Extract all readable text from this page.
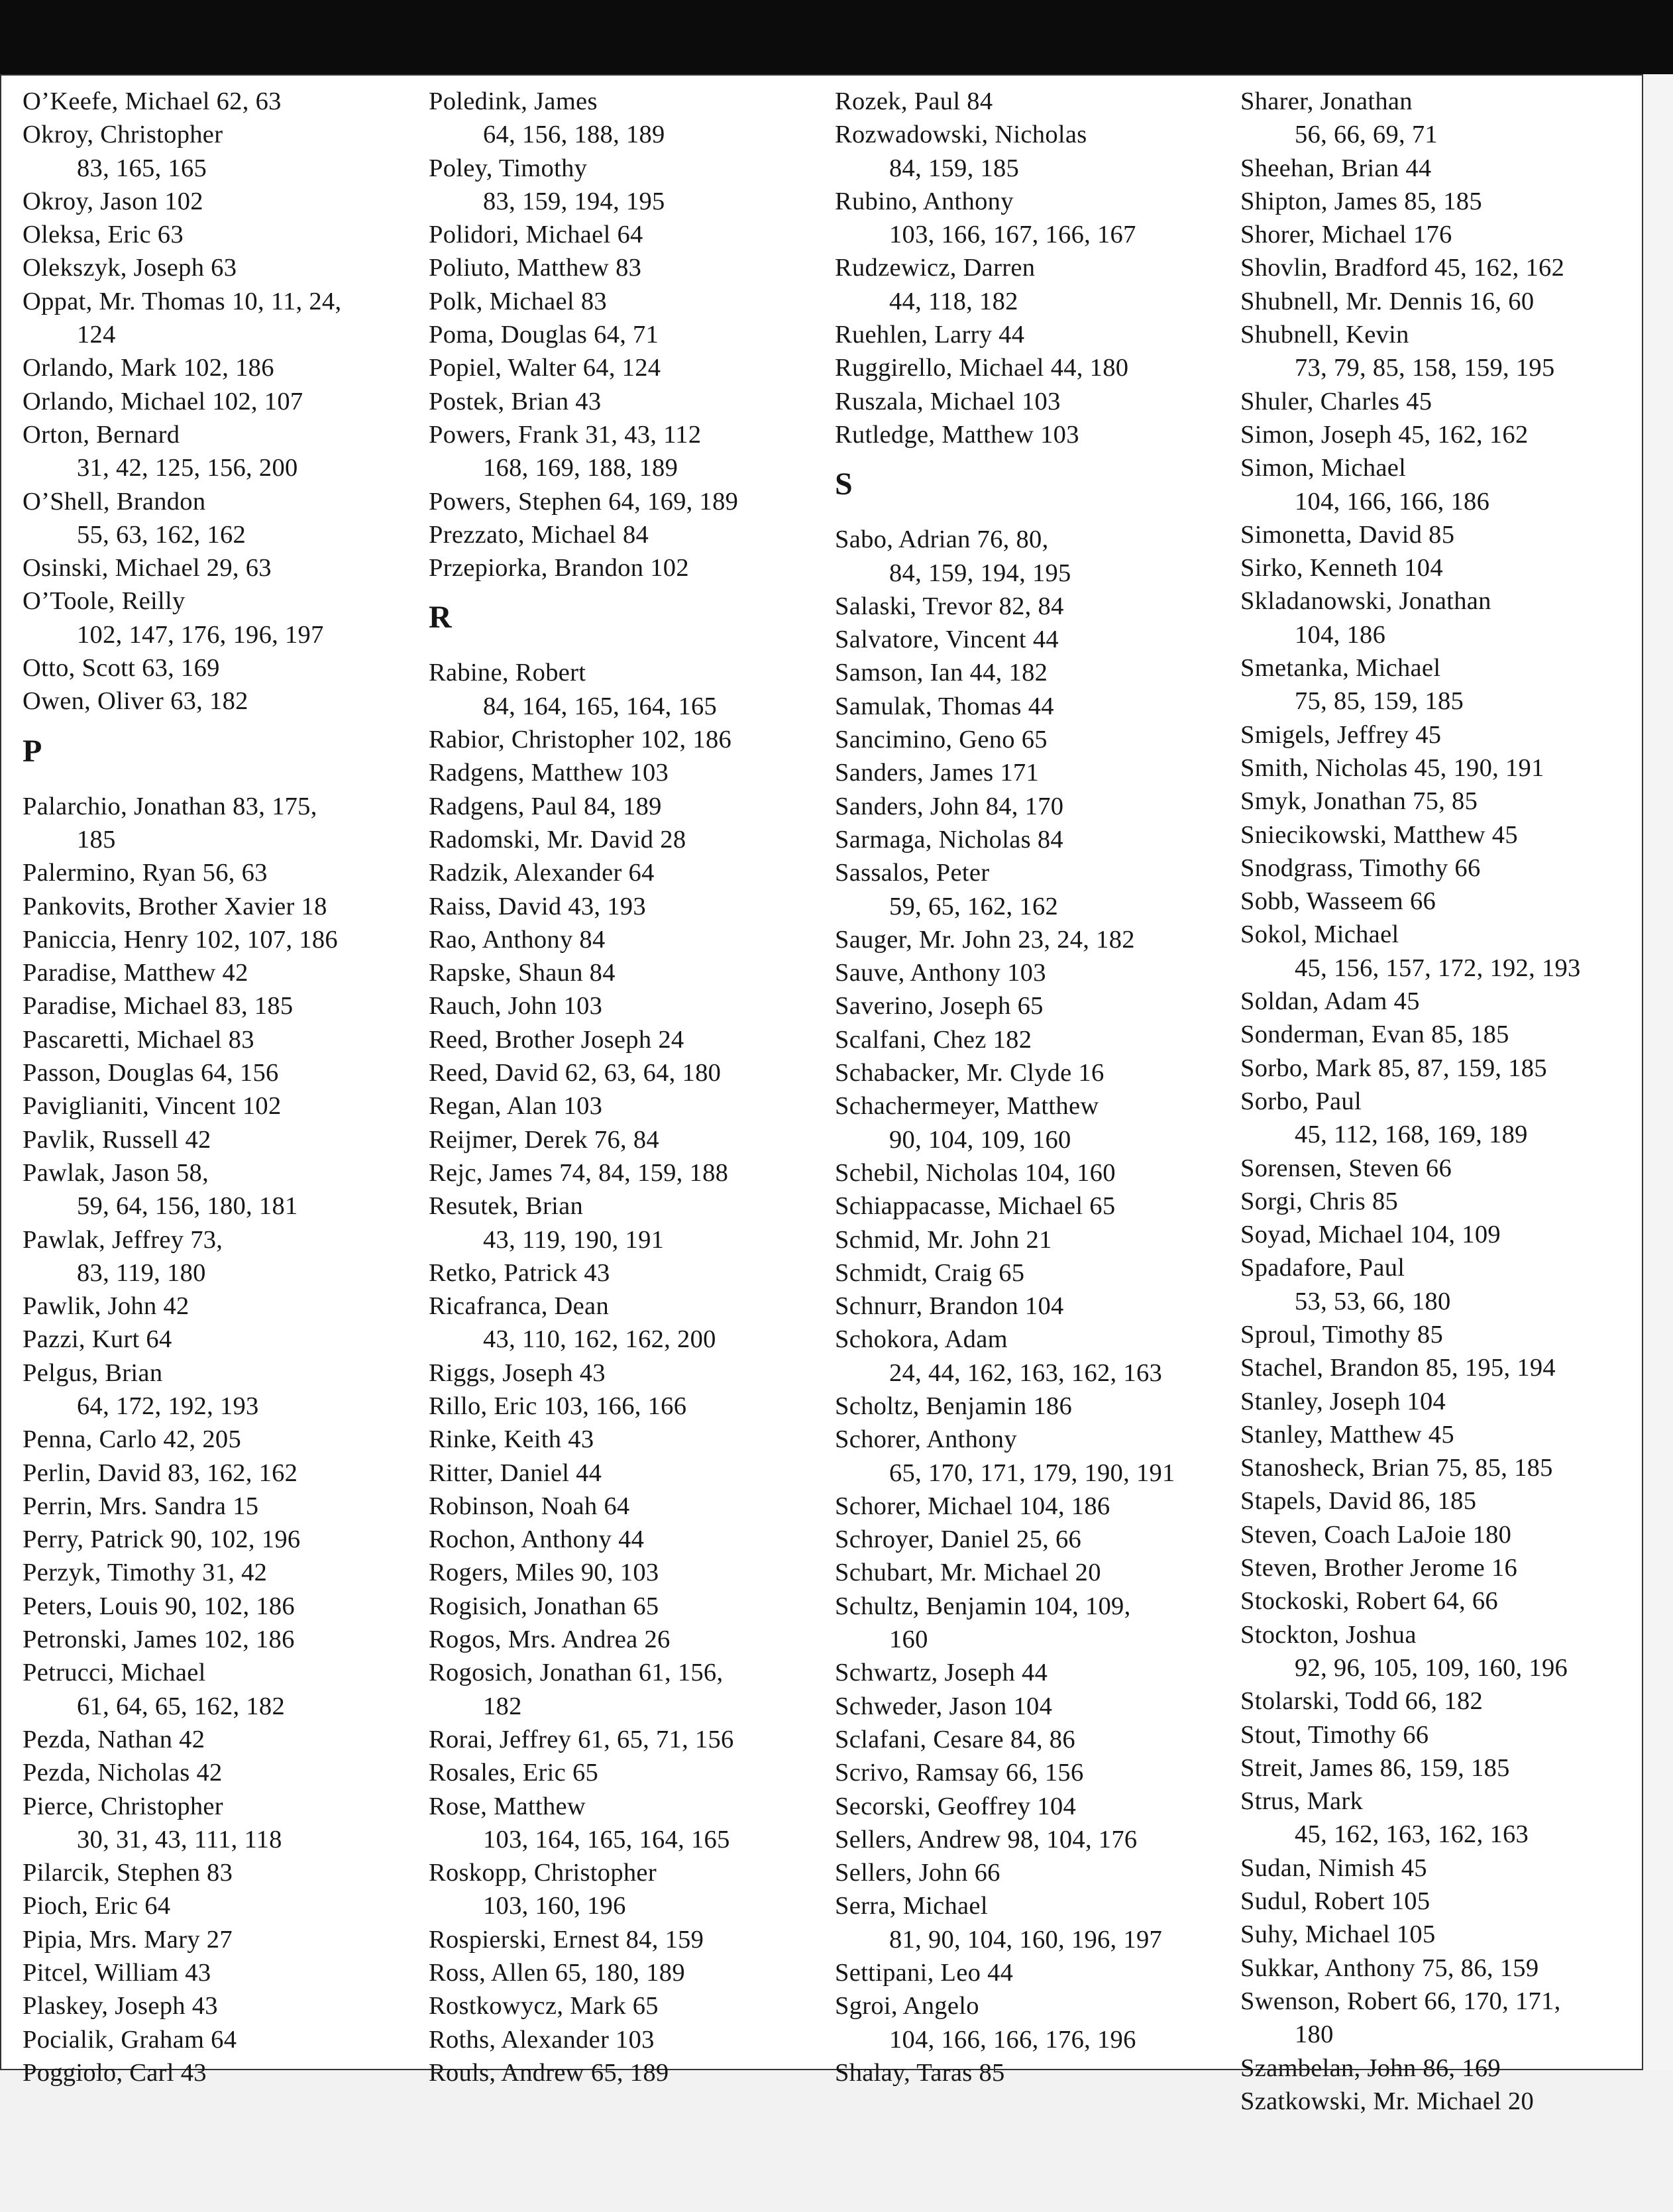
O’Keefe, Michael 62, 63
Okroy, Christopher
83, 165, 165
Okroy, Jason 102
Oleksa, Eric 63
Olekszyk, Joseph 63
Oppat, Mr. Thomas 10, 11, 24,
124
Orlando, Mark 102, 186
Orlando, Michael 102, 107
Orton, Bernard
31, 42, 125, 156, 200
O’Shell, Brandon
55, 63, 162, 162
Osinski, Michael 29, 63
O’Toole, Reilly
102, 147, 176, 196, 197
Otto, Scott 63, 169
Owen, Oliver 63, 182
P
Palarchio, Jonathan 83, 175,
185
Palermino, Ryan 56, 63
Pankovits, Brother Xavier 18
Paniccia, Henry 102, 107, 186
Paradise, Matthew 42
Paradise, Michael 83, 185
Pascaretti, Michael 83
Passon, Douglas 64, 156
Paviglianiti, Vincent 102
Pavlik, Russell 42
Pawlak, Jason 58,
59, 64, 156, 180, 181
Pawlak, Jeffrey 73,
83, 119, 180
Pawlik, John 42
Pazzi, Kurt 64
Pelgus, Brian
64, 172, 192, 193
Penna, Carlo 42, 205
Perlin, David 83, 162, 162
Perrin, Mrs. Sandra 15
Perry, Patrick 90, 102, 196
Perzyk, Timothy 31, 42
Peters, Louis 90, 102, 186
Petronski, James 102, 186
Petrucci, Michael
61, 64, 65, 162, 182
Pezda, Nathan 42
Pezda, Nicholas 42
Pierce, Christopher
30, 31, 43, 111, 118
Pilarcik, Stephen 83
Pioch, Eric 64
Pipia, Mrs. Mary 27
Pitcel, William 43
Plaskey, Joseph 43
Pocialik, Graham 64
Poggiolo, Carl 43
Poledink, James
64, 156, 188, 189
Poley, Timothy
83, 159, 194, 195
Polidori, Michael 64
Poliuto, Matthew 83
Polk, Michael 83
Poma, Douglas 64, 71
Popiel, Walter 64, 124
Postek, Brian 43
Powers, Frank 31, 43, 112
168, 169, 188, 189
Powers, Stephen 64, 169, 189
Prezzato, Michael 84
Przepiorka, Brandon 102
R
Rabine, Robert
84, 164, 165, 164, 165
Rabior, Christopher 102, 186
Radgens, Matthew 103
Radgens, Paul 84, 189
Radomski, Mr. David 28
Radzik, Alexander 64
Raiss, David 43, 193
Rao, Anthony 84
Rapske, Shaun 84
Rauch, John 103
Reed, Brother Joseph 24
Reed, David 62, 63, 64, 180
Regan, Alan 103
Reijmer, Derek 76, 84
Rejc, James 74, 84, 159, 188
Resutek, Brian
43, 119, 190, 191
Retko, Patrick 43
Ricafranca, Dean
43, 110, 162, 162, 200
Riggs, Joseph 43
Rillo, Eric 103, 166, 166
Rinke, Keith 43
Ritter, Daniel 44
Robinson, Noah 64
Rochon, Anthony 44
Rogers, Miles 90, 103
Rogisich, Jonathan 65
Rogos, Mrs. Andrea 26
Rogosich, Jonathan 61, 156,
182
Rorai, Jeffrey 61, 65, 71, 156
Rosales, Eric 65
Rose, Matthew
103, 164, 165, 164, 165
Roskopp, Christopher
103, 160, 196
Rospierski, Ernest 84, 159
Ross, Allen 65, 180, 189
Rostkowycz, Mark 65
Roths, Alexander 103
Rouls, Andrew 65, 189
Rozek, Paul 84
Rozwadowski, Nicholas
84, 159, 185
Rubino, Anthony
103, 166, 167, 166, 167
Rudzewicz, Darren
44, 118, 182
Ruehlen, Larry 44
Ruggirello, Michael 44, 180
Ruszala, Michael 103
Rutledge, Matthew 103
S
Sabo, Adrian 76, 80,
84, 159, 194, 195
Salaski, Trevor 82, 84
Salvatore, Vincent 44
Samson, Ian 44, 182
Samulak, Thomas 44
Sancimino, Geno 65
Sanders, James 171
Sanders, John 84, 170
Sarmaga, Nicholas 84
Sassalos, Peter
59, 65, 162, 162
Sauger, Mr. John 23, 24, 182
Sauve, Anthony 103
Saverino, Joseph 65
Scalfani, Chez 182
Schabacker, Mr. Clyde 16
Schachermeyer, Matthew
90, 104, 109, 160
Schebil, Nicholas 104, 160
Schiappacasse, Michael 65
Schmid, Mr. John 21
Schmidt, Craig 65
Schnurr, Brandon 104
Schokora, Adam
24, 44, 162, 163, 162, 163
Scholtz, Benjamin 186
Schorer, Anthony
65, 170, 171, 179, 190, 191
Schorer, Michael 104, 186
Schroyer, Daniel 25, 66
Schubart, Mr. Michael 20
Schultz, Benjamin 104, 109,
160
Schwartz, Joseph 44
Schweder, Jason 104
Sclafani, Cesare 84, 86
Scrivo, Ramsay 66, 156
Secorski, Geoffrey 104
Sellers, Andrew 98, 104, 176
Sellers, John 66
Serra, Michael
81, 90, 104, 160, 196, 197
Settipani, Leo 44
Sgroi, Angelo
104, 166, 166, 176, 196
Shalay, Taras 85
Sharer, Jonathan
56, 66, 69, 71
Sheehan, Brian 44
Shipton, James 85, 185
Shorer, Michael 176
Shovlin, Bradford 45, 162, 162
Shubnell, Mr. Dennis 16, 60
Shubnell, Kevin
73, 79, 85, 158, 159, 195
Shuler, Charles 45
Simon, Joseph 45, 162, 162
Simon, Michael
104, 166, 166, 186
Simonetta, David 85
Sirko, Kenneth 104
Skladanowski, Jonathan
104, 186
Smetanka, Michael
75, 85, 159, 185
Smigels, Jeffrey 45
Smith, Nicholas 45, 190, 191
Smyk, Jonathan 75, 85
Sniecikowski, Matthew 45
Snodgrass, Timothy 66
Sobb, Wasseem 66
Sokol, Michael
45, 156, 157, 172, 192, 193
Soldan, Adam 45
Sonderman, Evan 85, 185
Sorbo, Mark 85, 87, 159, 185
Sorbo, Paul
45, 112, 168, 169, 189
Sorensen, Steven 66
Sorgi, Chris 85
Soyad, Michael 104, 109
Spadafore, Paul
53, 53, 66, 180
Sproul, Timothy 85
Stachel, Brandon 85, 195, 194
Stanley, Joseph 104
Stanley, Matthew 45
Stanosheck, Brian 75, 85, 185
Stapels, David 86, 185
Steven, Coach LaJoie 180
Steven, Brother Jerome 16
Stockoski, Robert 64, 66
Stockton, Joshua
92, 96, 105, 109, 160, 196
Stolarski, Todd 66, 182
Stout, Timothy 66
Streit, James 86, 159, 185
Strus, Mark
45, 162, 163, 162, 163
Sudan, Nimish 45
Sudul, Robert 105
Suhy, Michael 105
Sukkar, Anthony 75, 86, 159
Swenson, Robert 66, 170, 171,
180
Szambelan, John 86, 169
Szatkowski, Mr. Michael 20
